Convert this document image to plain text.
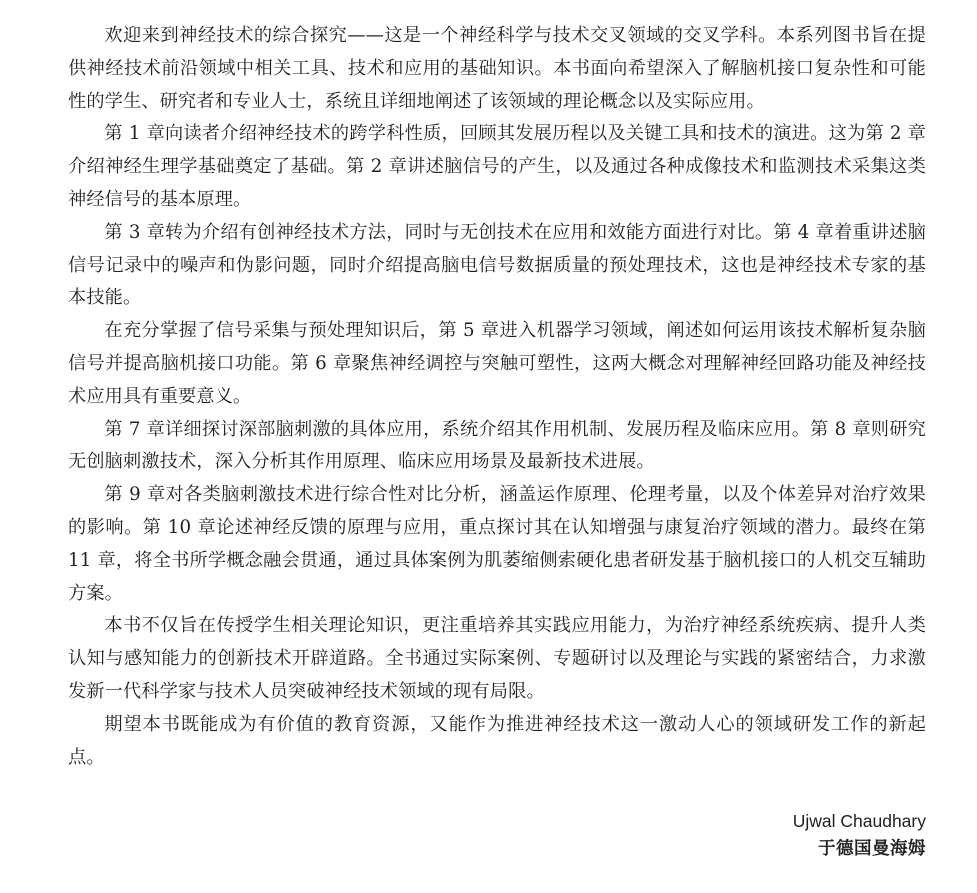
欢迎来到神经技术的综合探究——这是一个神经科学与技术交叉领域的交叉学科。本系列图书旨在提供神经技术前沿领域中相关工具、技术和应用的基础知识。本书面向希望深入了解脑机接口复杂性和可能性的学生、研究者和专业人士，系统且详细地阐述了该领域的理论概念以及实际应用。

第 1 章向读者介绍神经技术的跨学科性质，回顾其发展历程以及关键工具和技术的演进。这为第 2 章介绍神经生理学基础奠定了基础。第 2 章讲述脑信号的产生，以及通过各种成像技术和监测技术采集这类神经信号的基本原理。

第 3 章转为介绍有创神经技术方法，同时与无创技术在应用和效能方面进行对比。第 4 章着重讲述脑信号记录中的噪声和伪影问题，同时介绍提高脑电信号数据质量的预处理技术，这也是神经技术专家的基本技能。

在充分掌握了信号采集与预处理知识后，第 5 章进入机器学习领域，阐述如何运用该技术解析复杂脑信号并提高脑机接口功能。第 6 章聚焦神经调控与突触可塑性，这两大概念对理解神经回路功能及神经技术应用具有重要意义。

第 7 章详细探讨深部脑刺激的具体应用，系统介绍其作用机制、发展历程及临床应用。第 8 章则研究无创脑刺激技术，深入分析其作用原理、临床应用场景及最新技术进展。

第 9 章对各类脑刺激技术进行综合性对比分析，涵盖运作原理、伦理考量，以及个体差异对治疗效果的影响。第 10 章论述神经反馈的原理与应用，重点探讨其在认知增强与康复治疗领域的潜力。最终在第 11 章，将全书所学概念融会贯通，通过具体案例为肌萎缩侧索硬化患者研发基于脑机接口的人机交互辅助方案。

本书不仅旨在传授学生相关理论知识，更注重培养其实践应用能力，为治疗神经系统疾病、提升人类认知与感知能力的创新技术开辟道路。全书通过实际案例、专题研讨以及理论与实践的紧密结合，力求激发新一代科学家与技术人员突破神经技术领域的现有局限。

期望本书既能成为有价值的教育资源，又能作为推进神经技术这一激动人心的领域研发工作的新起点。

Ujwal Chaudhary
于德国曼海姆
